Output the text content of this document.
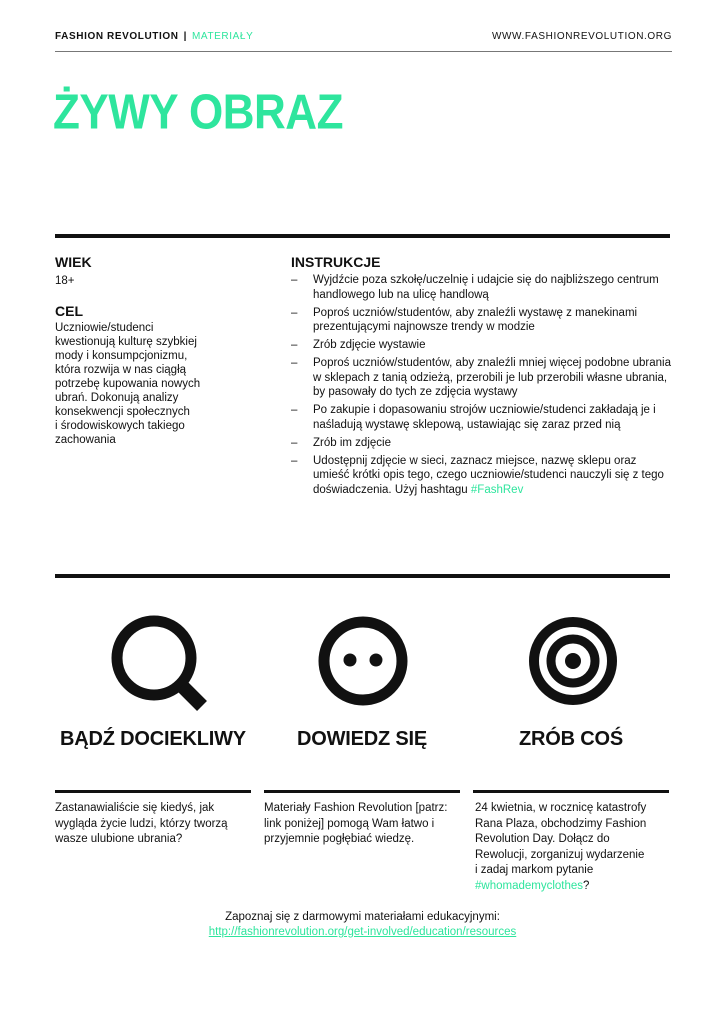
FASHION REVOLUTION | MATERIAŁY	WWW.FASHIONREVOLUTION.ORG
ŻYWY OBRAZ
WIEK
18+
CEL
Uczniowie/studenci
kwestionują kulturę szybkiej
mody i konsumpcjonizmu,
która rozwija w nas ciągłą
potrzebę kupowania nowych
ubrań. Dokonują analizy
konsekwencji społecznych
i środowiskowych takiego
zachowania
INSTRUKCJE
– Wyjdźcie poza szkołę/uczelnię i udajcie się do najbliższego centrum handlowego lub na ulicę handlową
– Poproś uczniów/studentów, aby znaleźli wystawę z manekinami prezentującymi najnowsze trendy w modzie
– Zrób zdjęcie wystawie
– Poproś uczniów/studentów, aby znaleźli mniej więcej podobne ubrania w sklepach z tanią odzieżą, przerobili je lub przerobili własne ubrania, by pasowały do tych ze zdjęcia wystawy
– Po zakupie i dopasowaniu strojów uczniowie/studenci zakładają je i naśladują wystawę sklepową, ustawiając się zaraz przed nią
– Zrób im zdjęcie
– Udostępnij zdjęcie w sieci, zaznacz miejsce, nazwę sklepu oraz umieść krótki opis tego, czego uczniowie/studenci nauczyli się z tego doświadczenia. Użyj hashtagu #FashRev
BĄDŹ DOCIEKLIWY	DOWIEDZ SIĘ	ZRÓB COŚ
Zastanawialiście się kiedyś, jak
wygląda życie ludzi, którzy tworzą
wasze ulubione ubrania?
Materiały Fashion Revolution [patrz:
link poniżej] pomogą Wam łatwo i
przyjemnie pogłębiać wiedzę.
24 kwietnia, w rocznicę katastrofy
Rana Plaza, obchodzimy Fashion
Revolution Day. Dołącz do
Rewolucji, zorganizuj wydarzenie
i zadaj markom pytanie
#whomademyclothes?
Zapoznaj się z darmowymi materiałami edukacyjnymi:
http://fashionrevolution.org/get-involved/education/resources
